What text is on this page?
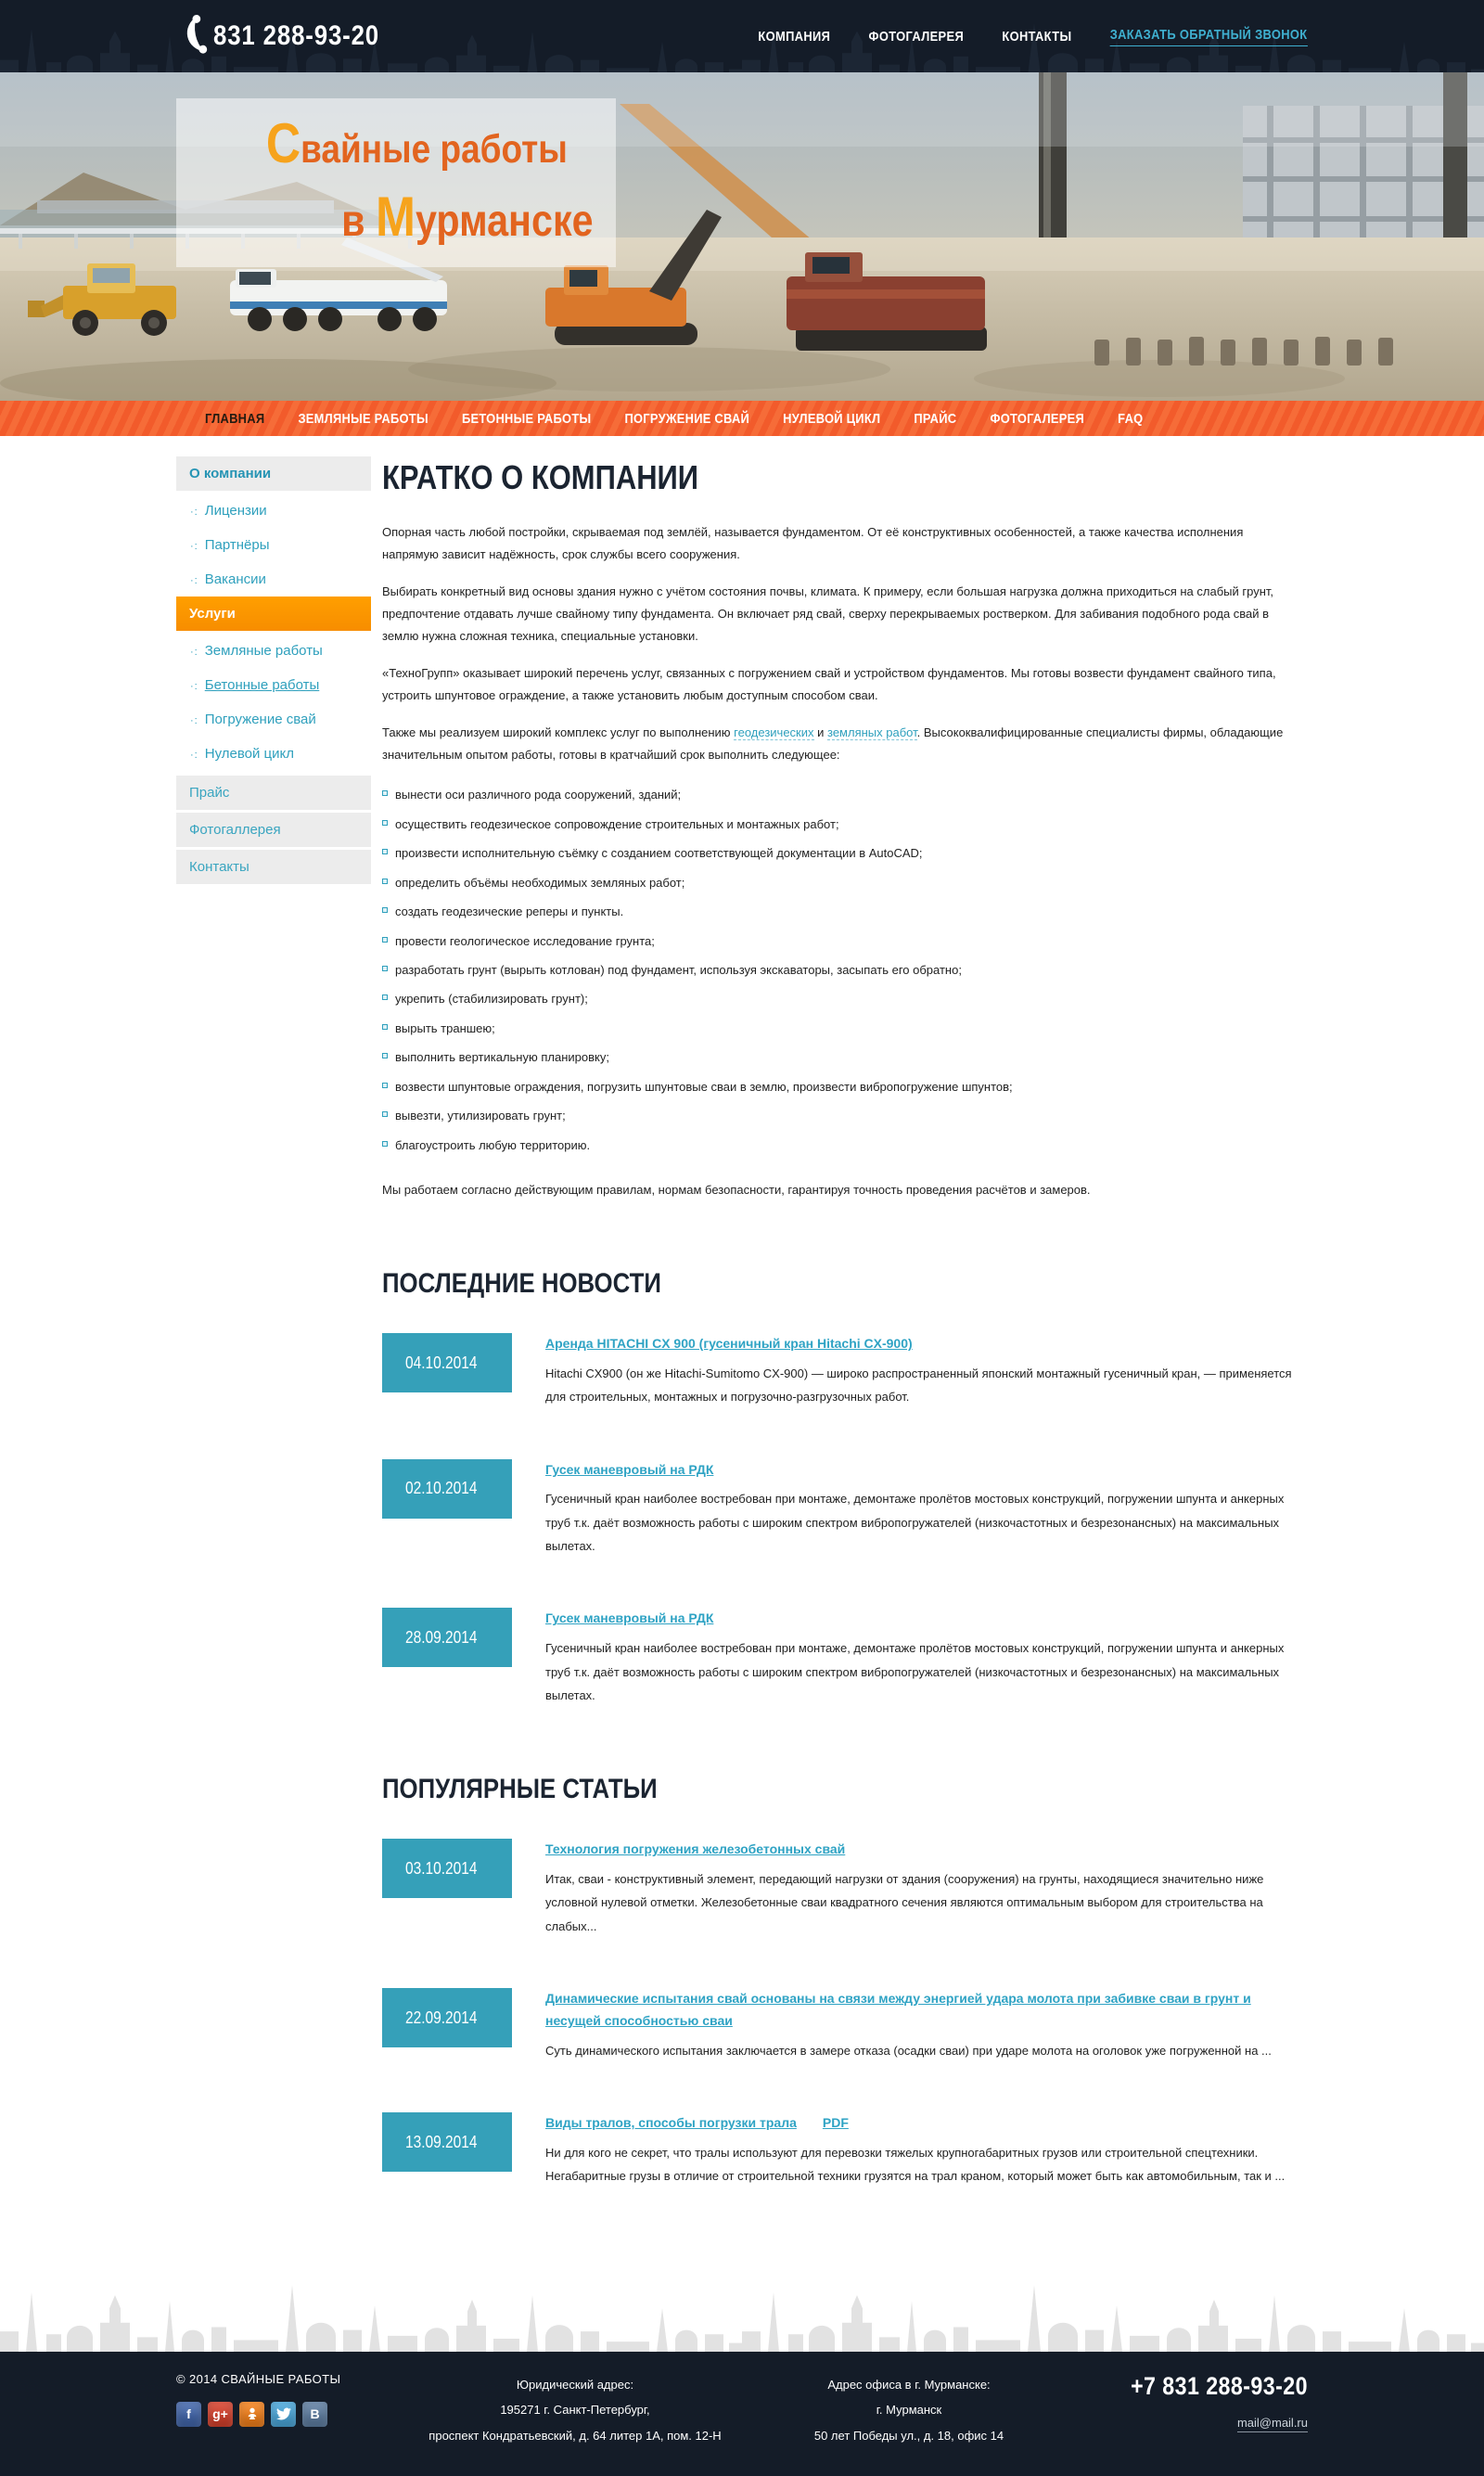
831 288-93-20	КОМПАНИЯ	ФОТОГАЛЕРЕЯ	КОНТАКТЫ	ЗАКАЗАТЬ ОБРАТНЫЙ ЗВОНОК
Свайные работы
в Мурманске
ГЛАВНАЯ ЗЕМЛЯНЫЕ РАБОТЫ БЕТОННЫЕ РАБОТЫ ПОГРУЖЕНИЕ СВАЙ НУЛЕВОЙ ЦИКЛ ПРАЙС ФОТОГАЛЕРЕЯ FAQ
О компании
·: Лицензии
·: Партнёры
·: Вакансии
Услуги
·: Земляные работы
·: Бетонные работы
·: Погружение свай
·: Нулевой цикл
Прайс
Фотогаллерея
Контакты
КРАТКО О КОМПАНИИ

Опорная часть любой постройки, скрываемая под землёй, называется фундаментом. От её конструктивных особенностей, а также качества исполнения напрямую зависит надёжность, срок службы всего сооружения.

Выбирать конкретный вид основы здания нужно с учётом состояния почвы, климата. К примеру, если большая нагрузка должна приходиться на слабый грунт, предпочтение отдавать лучше свайному типу фундамента. Он включает ряд свай, сверху перекрываемых ростверком. Для забивания подобного рода свай в землю нужна сложная техника, специальные установки.

«ТехноГрупп» оказывает широкий перечень услуг, связанных с погружением свай и устройством фундаментов. Мы готовы возвести фундамент свайного типа, устроить шпунтовое ограждение, а также установить любым доступным способом сваи.

Также мы реализуем широкий комплекс услуг по выполнению геодезических и земляных работ. Высококвалифицированные специалисты фирмы, обладающие значительным опытом работы, готовы в кратчайший срок выполнить следующее:

вынести оси различного рода сооружений, зданий;
осуществить геодезическое сопровождение строительных и монтажных работ;
произвести исполнительную съёмку с созданием соответствующей документации в AutoCAD;
определить объёмы необходимых земляных работ;
создать геодезические реперы и пункты.
провести геологическое исследование грунта;
разработать грунт (вырыть котлован) под фундамент, используя экскаваторы, засыпать его обратно;
укрепить (стабилизировать грунт);
вырыть траншею;
выполнить вертикальную планировку;
возвести шпунтовые ограждения, погрузить шпунтовые сваи в землю, произвести вибропогружение шпунтов;
вывезти, утилизировать грунт;
благоустроить любую территорию.

Мы работаем согласно действующим правилам, нормам безопасности, гарантируя точность проведения расчётов и замеров.

ПОСЛЕДНИЕ НОВОСТИ
04.10.2014
Аренда HITACHI CX 900 (гусеничный кран Hitachi CX-900)
Hitachi CX900 (он же Hitachi-Sumitomo CX-900) — широко распространенный японский монтажный гусеничный кран, — применяется для строительных, монтажных и погрузочно-разгрузочных работ.
02.10.2014
Гусек маневровый на РДК
Гусеничный кран наиболее востребован при монтаже, демонтаже пролётов мостовых конструкций, погружении шпунта и анкерных труб т.к. даёт возможность работы с широким спектром вибропогружателей (низкочастотных и безрезонансных) на максимальных вылетах.
28.09.2014
Гусек маневровый на РДК
Гусеничный кран наиболее востребован при монтаже, демонтаже пролётов мостовых конструкций, погружении шпунта и анкерных труб т.к. даёт возможность работы с широким спектром вибропогружателей (низкочастотных и безрезонансных) на максимальных вылетах.
ПОПУЛЯРНЫЕ СТАТЬИ
03.10.2014
Технология погружения железобетонных свай
Итак, сваи - конструктивный элемент, передающий нагрузки от здания (сооружения) на грунты, находящиеся значительно ниже условной нулевой отметки. Железобетонные сваи квадратного сечения являются оптимальным выбором для строительства на слабых...
22.09.2014
Динамические испытания свай основаны на связи между энергией удара молота при забивке сваи в грунт и несущей способностью сваи
Суть динамического испытания заключается в замере отказа (осадки сваи) при ударе молота на оголовок уже погруженной на ...
13.09.2014
Виды тралов, способы погрузки трала PDF
Ни для кого не секрет, что тралы используют для перевозки тяжелых крупногабаритных грузов или строительной спецтехники. Негабаритные грузы в отличие от строительной техники грузятся на трал краном, который может быть как автомобильным, так и ...
© 2014 СВАЙНЫЕ РАБОТЫ
f g+	B
Юридический адрес:
195271 г. Санкт-Петербург,
проспект Кондратьевский, д. 64 литер 1А, пом. 12-Н
Адрес офиса в г. Мурманске:
г. Мурманск
50 лет Победы ул., д. 18, офис 14
+7 831 288-93-20
mail@mail.ru
